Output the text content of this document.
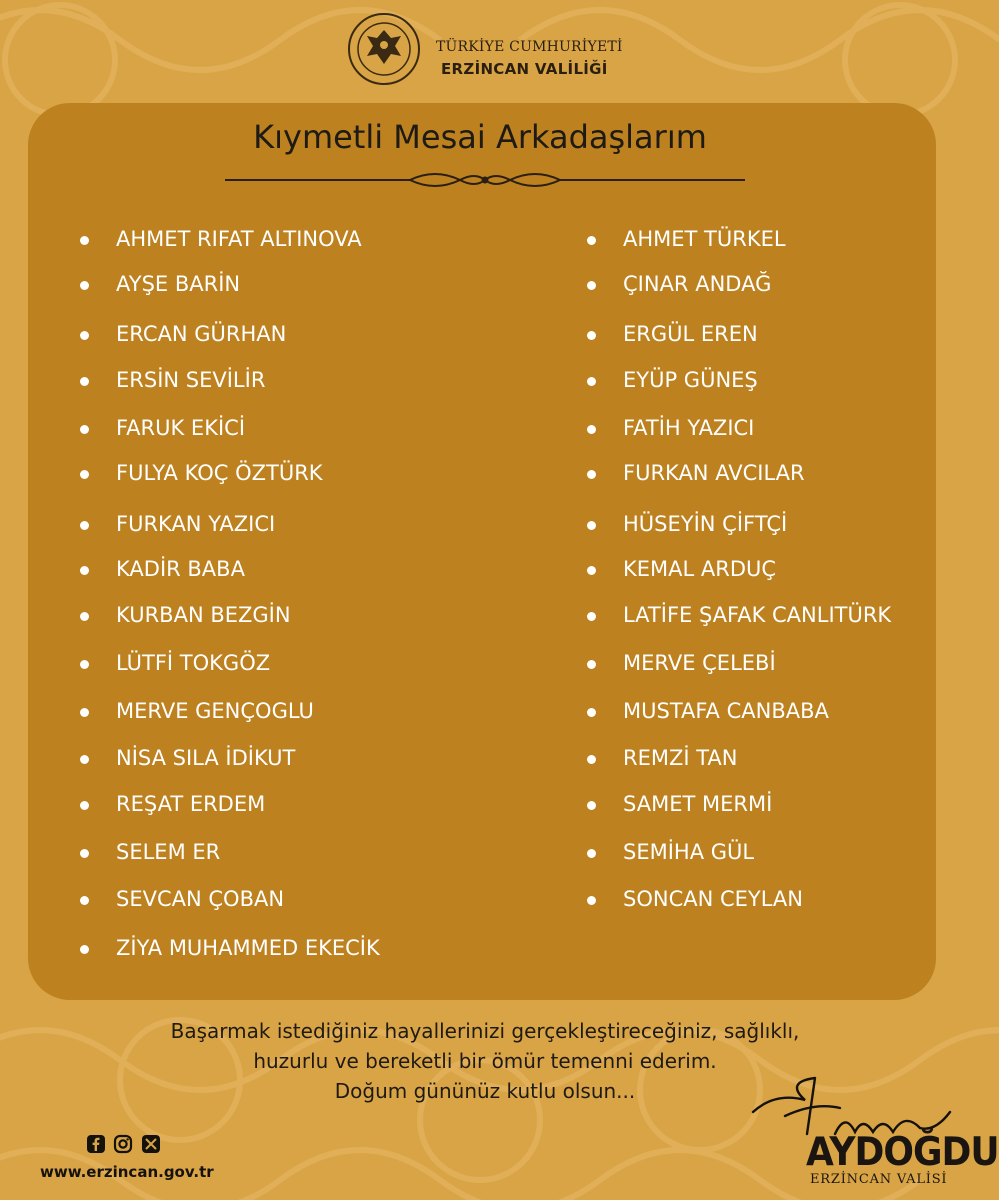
TÜRKİYE CUMHURİYETİ
ERZİNCAN VALİLİĞİ
Kıymetli Mesai Arkadaşlarım
AHMET RIFAT ALTINOVA
AYŞE BARİN
ERCAN GÜRHAN
ERSİN SEVİLİR
FARUK EKİCİ
FULYA KOÇ ÖZTÜRK
FURKAN YAZICI
KADİR BABA
KURBAN BEZGİN
LÜTFİ TOKGÖZ
MERVE GENÇOGLU
NİSA SILA İDİKUT
REŞAT ERDEM
SELEM ER
SEVCAN ÇOBAN
ZİYA MUHAMMED EKECİK
AHMET TÜRKEL
ÇINAR ANDAĞ
ERGÜL EREN
EYÜP GÜNEŞ
FATİH YAZICI
FURKAN AVCILAR
HÜSEYİN ÇİFTÇİ
KEMAL ARDUÇ
LATİFE ŞAFAK CANLITÜRK
MERVE ÇELEBİ
MUSTAFA CANBABA
REMZİ TAN
SAMET MERMİ
SEMİHA GÜL
SONCAN CEYLAN
Başarmak istediğiniz hayallerinizi gerçekleştireceğiniz, sağlıklı,
huzurlu ve bereketli bir ömür temenni ederim.
Doğum gününüz kutlu olsun...
www.erzincan.gov.tr	AYDOĞDU
ERZİNCAN VALİSİ
